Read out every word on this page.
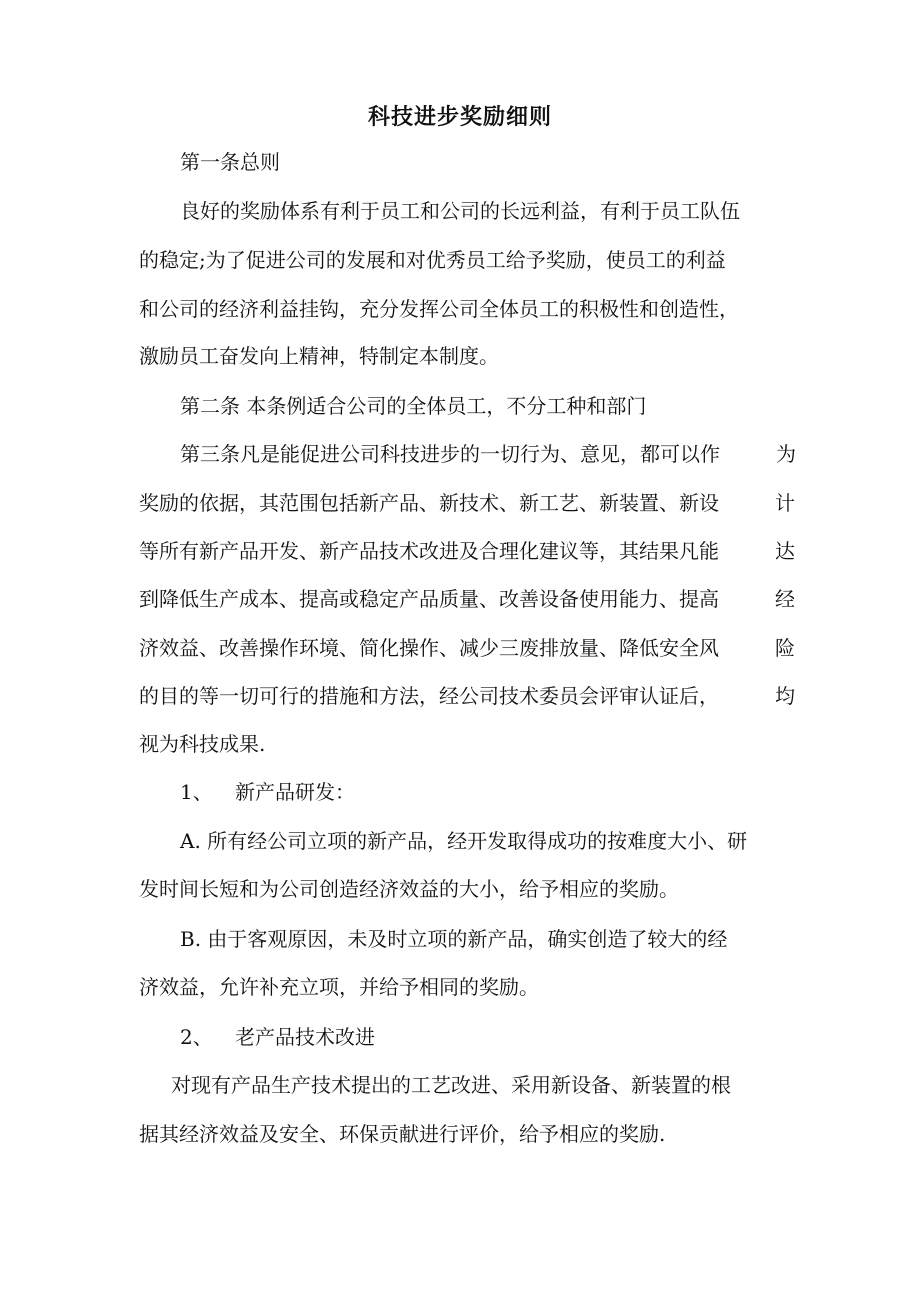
科技进步奖励细则

第一条总则

良好的奖励体系有利于员工和公司的长远利益，有利于员工队伍

的稳定;为了促进公司的发展和对优秀员工给予奖励，使员工的利益

和公司的经济利益挂钩，充分发挥公司全体员工的积极性和创造性，

激励员工奋发向上精神，特制定本制度。

第二条 本条例适合公司的全体员工，不分工种和部门

第三条凡是能促进公司科技进步的一切行为、意见，都可以作	为

奖励的依据，其范围包括新产品、新技术、新工艺、新装置、新设	计

等所有新产品开发、新产品技术改进及合理化建议等，其结果凡能	达

到降低生产成本、提高或稳定产品质量、改善设备使用能力、提高	经

济效益、改善操作环境、简化操作、减少三废排放量、降低安全风	险

的目的等一切可行的措施和方法，经公司技术委员会评审认证后，	均

视为科技成果.

1、 新产品研发：

A. 所有经公司立项的新产品，经开发取得成功的按难度大小、研

发时间长短和为公司创造经济效益的大小，给予相应的奖励。

B. 由于客观原因，未及时立项的新产品，确实创造了较大的经

济效益，允许补充立项，并给予相同的奖励。

2、 老产品技术改进

对现有产品生产技术提出的工艺改进、采用新设备、新装置的根

据其经济效益及安全、环保贡献进行评价，给予相应的奖励.
